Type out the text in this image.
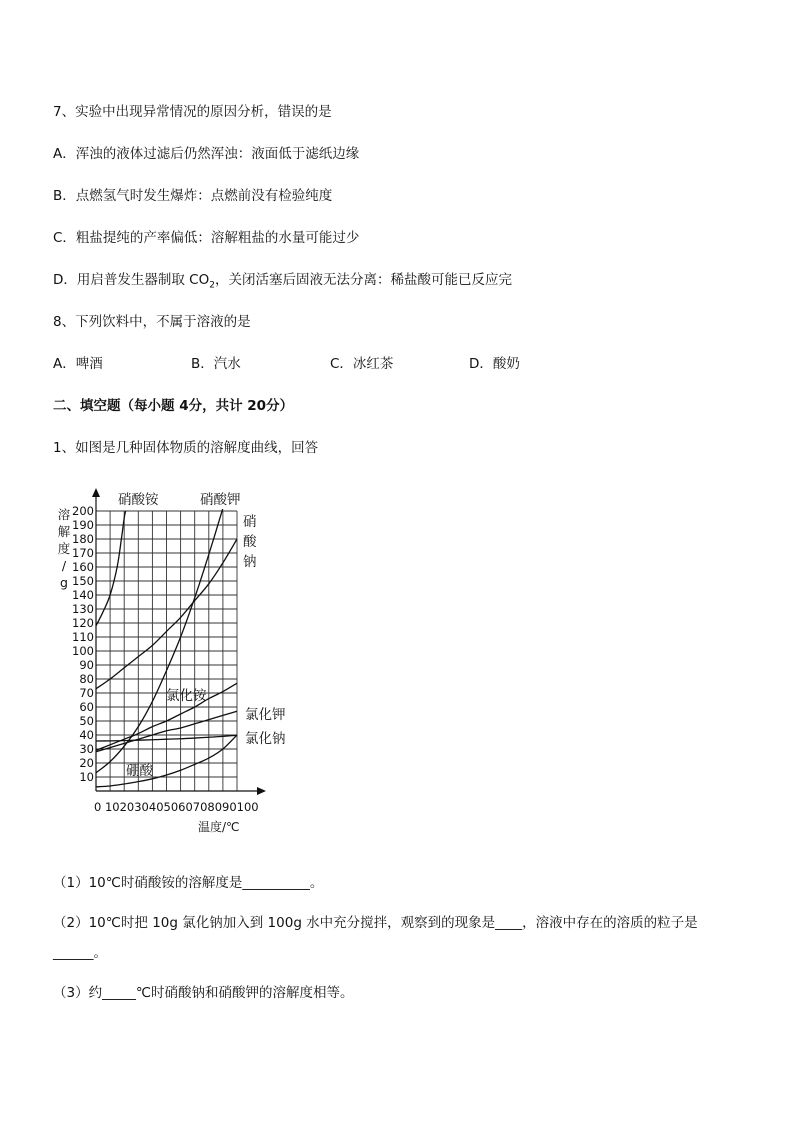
7、实验中出现异常情况的原因分析，错误的是
A．浑浊的液体过滤后仍然浑浊：液面低于滤纸边缘
B．点燃氢气时发生爆炸：点燃前没有检验纯度
C．粗盐提纯的产率偏低：溶解粗盐的水量可能过少
D．用启普发生器制取 $CO_2$，关闭活塞后固液无法分离：稀盐酸可能已反应完
8、下列饮料中，不属于溶液的是
A．啤酒	B．汽水	C．冰红茶	D．酸奶
二、填空题（每小题 4分，共计 20分）
1、如图是几种固体物质的溶解度曲线，回答
10
20
30
40
50
60
70
80
90
100
110
120
130
140
150
160
170
180
190
200
0 102030405060708090100
温度/℃
溶
解
度
/
g
硝酸铵	硝酸钾
硝
酸
钠
氯化铵
氯化钾
氯化钠
硼酸
（1）10℃时硝酸铵的溶解度是__________。
（2）10℃时把 10g 氯化钠加入到 100g 水中充分搅拌，观察到的现象是____，溶液中存在的溶质的粒子是
______。
（3）约_____℃时硝酸钠和硝酸钾的溶解度相等。
